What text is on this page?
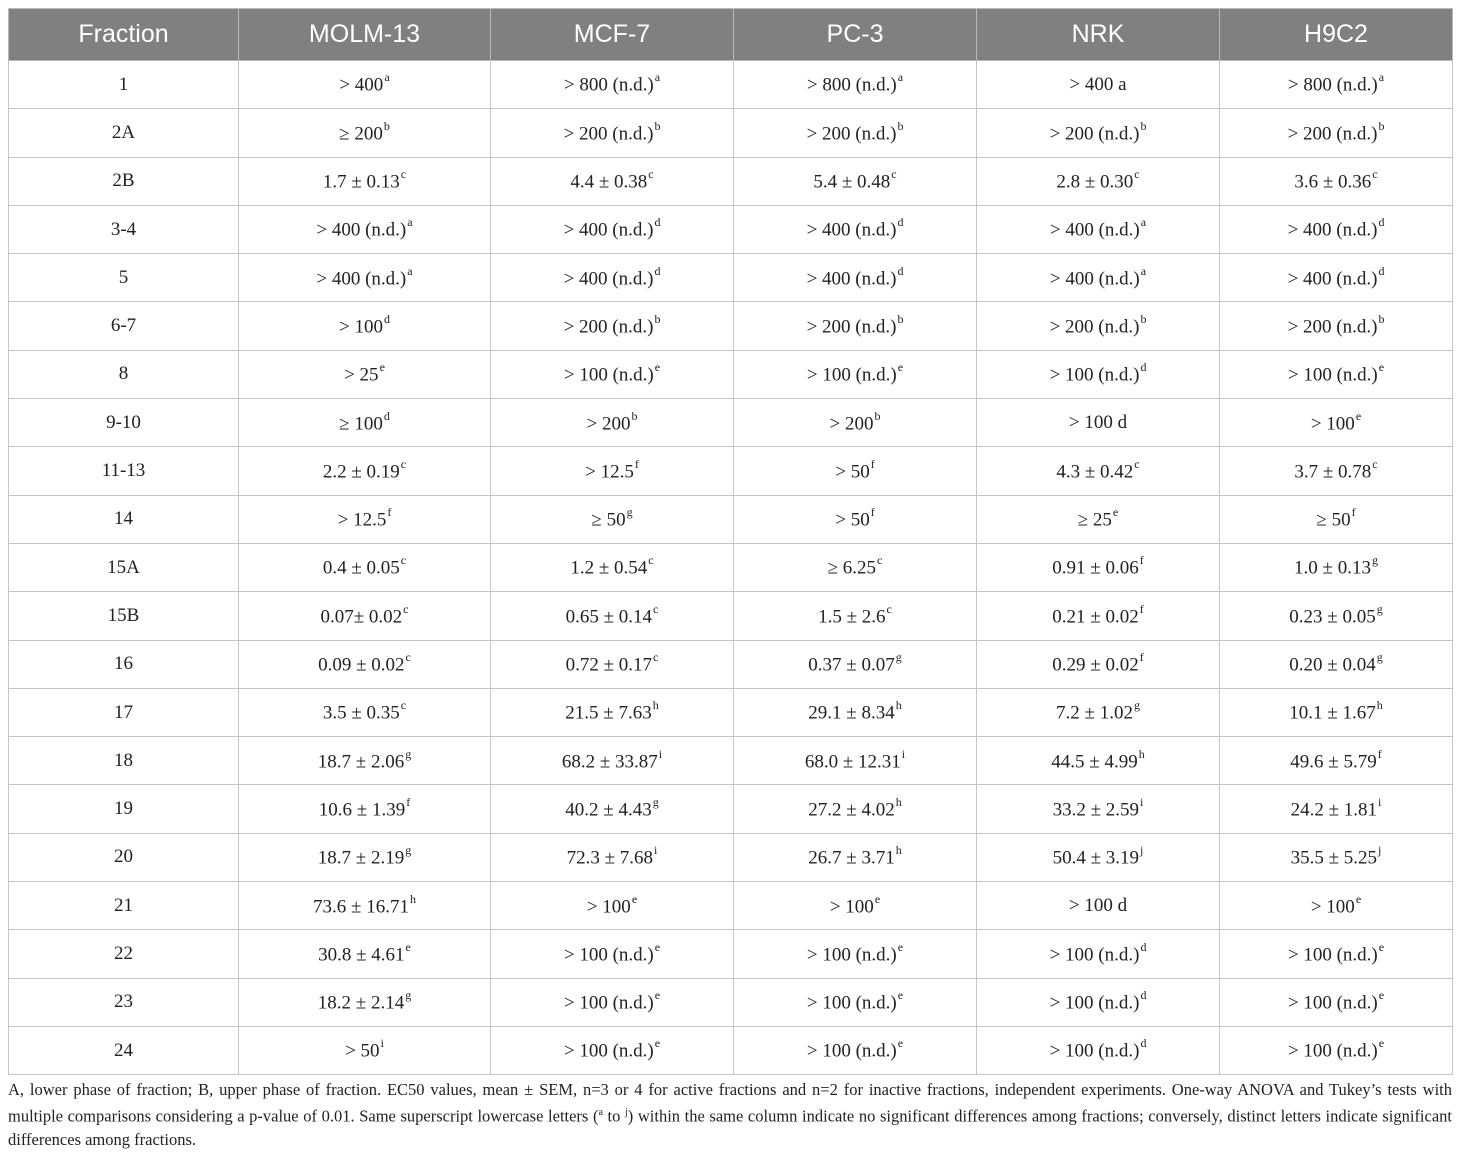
Fraction	MOLM-13	MCF-7	PC-3	NRK	H9C2
1	> $400^a$	> 800 $(n.d.)^a$	> 800 $(n.d.)^a$	> 400 a	> 800 $(n.d.)^a$
2A	≥ $200^b$	> 200 $(n.d.)^b$	> 200 $(n.d.)^b$	> 200 $(n.d.)^b$	> 200 $(n.d.)^b$
2B	1.7 ± 0.13$^c$	4.4 ± 0.38$^c$	5.4 ± 0.48$^c$	2.8 ± 0.30$^c$	3.6 ± 0.36$^c$
3-4	> 400 $(n.d.)^a$	> 400 $(n.d.)^d$	> 400 $(n.d.)^d$	> 400 $(n.d.)^a$	> 400 $(n.d.)^d$
5	> 400 $(n.d.)^a$	> 400 $(n.d.)^d$	> 400 $(n.d.)^d$	> 400 $(n.d.)^a$	> 400 $(n.d.)^d$
6-7	> $100^d$	> 200 $(n.d.)^b$	> 200 $(n.d.)^b$	> 200 $(n.d.)^b$	> 200 $(n.d.)^b$
8	> $25^e$	> 100 $(n.d.)^e$	> 100 $(n.d.)^e$	> 100 $(n.d.)^d$	> 100 $(n.d.)^e$
9-10	≥ $100^d$	> $200^b$	> $200^b$	> 100 d	> $100^e$
11-13	2.2 ± 0.19$^c$	> 12.5$^f$	> $50^f$	4.3 ± 0.42$^c$	3.7 ± 0.78$^c$
14	> 12.5$^f$	≥ $50^g$	> $50^f$	≥ $25^e$	≥ $50^f$
15A	0.4 ± 0.05$^c$	1.2 ± 0.54$^c$	≥ 6.25$^c$	0.91 ± 0.06$^f$	1.0 ± 0.13$^g$
15B	0.07± 0.02$^c$	0.65 ± 0.14$^c$	1.5 ± 2.6$^c$	0.21 ± 0.02$^f$	0.23 ± 0.05$^g$
16	0.09 ± 0.02$^c$	0.72 ± 0.17$^c$	0.37 ± 0.07$^g$	0.29 ± 0.02$^f$	0.20 ± 0.04$^g$
17	3.5 ± 0.35$^c$	21.5 ± 7.63$^h$	29.1 ± 8.34$^h$	7.2 ± 1.02$^g$	10.1 ± 1.67$^h$
18	18.7 ± 2.06$^g$	$68.2 \pm 33.87^i$	$68.0 \pm 12.31^i$	44.5 ± 4.99$^h$	49.6 ± 5.79$^f$
19	10.6 ± 1.39$^f$	40.2 ± 4.43$^g$	27.2 ± 4.02$^h$	$33.2 \pm 2.59^i$	$24.2 \pm 1.81^i$
20	18.7 ± 2.19$^g$	$72.3 \pm 7.68^i$	26.7 ± 3.71$^h$	$50.4 \pm 3.19^j$	$35.5 \pm 5.25^j$
21	73.6 ± 16.71$^h$	> $100^e$	> $100^e$	> 100 d	> $100^e$
22	30.8 ± 4.61$^e$	> 100 $(n.d.)^e$	> 100 $(n.d.)^e$	> 100 $(n.d.)^d$	> 100 $(n.d.)^e$
23	18.2 ± 2.14$^g$	> 100 $(n.d.)^e$	> 100 $(n.d.)^e$	> 100 $(n.d.)^d$	> 100 $(n.d.)^e$
24	> $50^i$	> 100 $(n.d.)^e$	> 100 $(n.d.)^e$	> 100 $(n.d.)^d$	> 100 $(n.d.)^e$
A, lower phase of fraction; B, upper phase of fraction. EC50 values, mean ± SEM, n=3 or 4 for active fractions and n=2 for inactive fractions, independent experiments. One-way ANOVA and Tukey’s tests with multiple comparisons considering a p-value of 0.01. Same superscript lowercase letters ($^a$ to $^j$) within the same column indicate no significant differences among fractions; conversely, distinct letters indicate significant differences among fractions.
